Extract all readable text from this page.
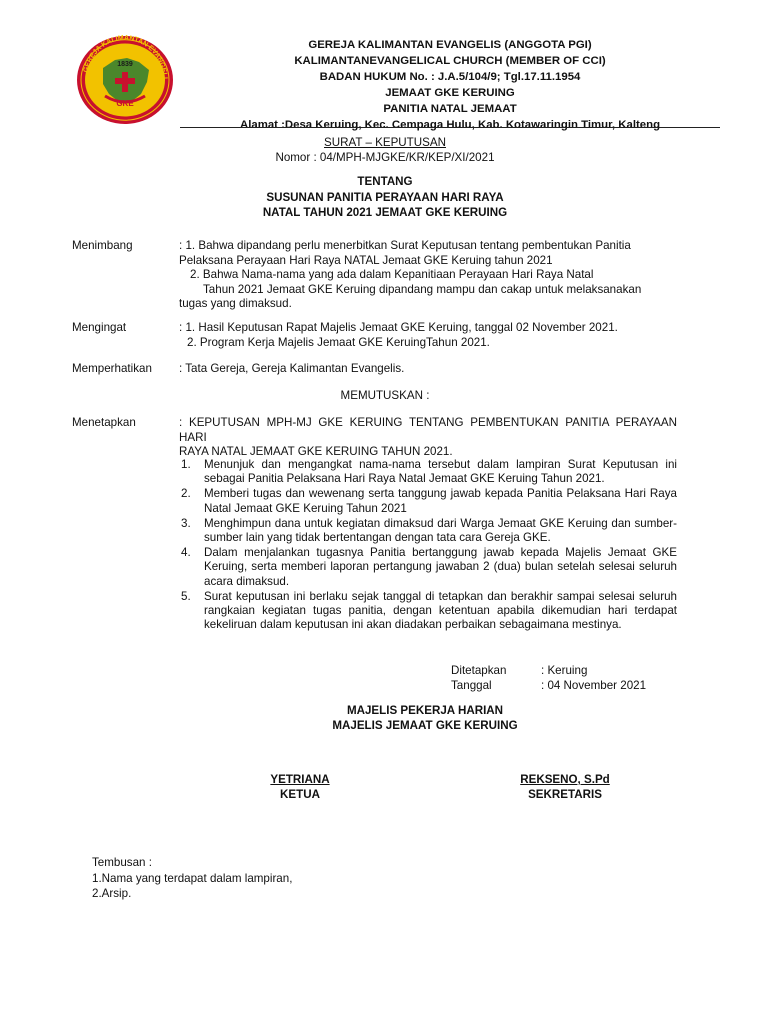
GEREJA KALIMANTAN EVANGELI
1839
GKE
GEREJA KALIMANTAN EVANGELIS (ANGGOTA PGI)
KALIMANTANEVANGELICAL CHURCH (MEMBER OF CCI)
BADAN HUKUM No. : J.A.5/104/9; Tgl.17.11.1954
JEMAAT GKE KERUING
PANITIA NATAL JEMAAT
Alamat :Desa Keruing, Kec. Cempaga Hulu, Kab. Kotawaringin Timur, Kalteng
SURAT – KEPUTUSAN
Nomor : 04/MPH-MJGKE/KR/KEP/XI/2021
TENTANG
SUSUNAN PANITIA PERAYAAN HARI RAYA
NATAL TAHUN 2021 JEMAAT GKE KERUING
Menimbang	: 1. Bahwa dipandang perlu menerbitkan Surat Keputusan tentang pembentukan Panitia
Pelaksana Perayaan Hari Raya NATAL Jemaat GKE Keruing tahun 2021
2. Bahwa Nama-nama yang ada dalam Kepanitiaan Perayaan Hari Raya Natal
Tahun 2021 Jemaat GKE Keruing dipandang mampu dan cakap untuk melaksanakan
tugas yang dimaksud.
Mengingat	: 1. Hasil Keputusan Rapat Majelis Jemaat GKE Keruing, tanggal 02 November 2021.
2. Program Kerja Majelis Jemaat GKE KeruingTahun 2021.
Memperhatikan : Tata Gereja, Gereja Kalimantan Evangelis.
MEMUTUSKAN :
Menetapkan	: KEPUTUSAN MPH-MJ GKE KERUING TENTANG PEMBENTUKAN PANITIA PERAYAAN HARI
RAYA NATAL JEMAAT GKE KERUING TAHUN 2021.
1. Menunjuk dan mengangkat nama-nama tersebut dalam lampiran Surat Keputusan ini sebagai Panitia Pelaksana Hari Raya Natal Jemaat GKE Keruing Tahun 2021.
2. Memberi tugas dan wewenang serta tanggung jawab kepada Panitia Pelaksana Hari Raya Natal Jemaat GKE Keruing Tahun 2021
3. Menghimpun dana untuk kegiatan dimaksud dari Warga Jemaat GKE Keruing dan sumber-sumber lain yang tidak bertentangan dengan tata cara Gereja GKE.
4. Dalam menjalankan tugasnya Panitia bertanggung jawab kepada Majelis Jemaat GKE Keruing, serta memberi laporan pertangung jawaban 2 (dua) bulan setelah selesai seluruh acara dimaksud.
5. Surat keputusan ini berlaku sejak tanggal di tetapkan dan berakhir sampai selesai seluruh rangkaian kegiatan tugas panitia, dengan ketentuan apabila dikemudian hari terdapat kekeliruan dalam keputusan ini akan diadakan perbaikan sebagaimana mestinya.
Ditetapkan	: Keruing
Tanggal	: 04 November 2021
MAJELIS PEKERJA HARIAN
MAJELIS JEMAAT GKE KERUING
YETRIANA
KETUA
REKSENO, S.Pd
SEKRETARIS
Tembusan :
1.Nama yang terdapat dalam lampiran,
2.Arsip.
